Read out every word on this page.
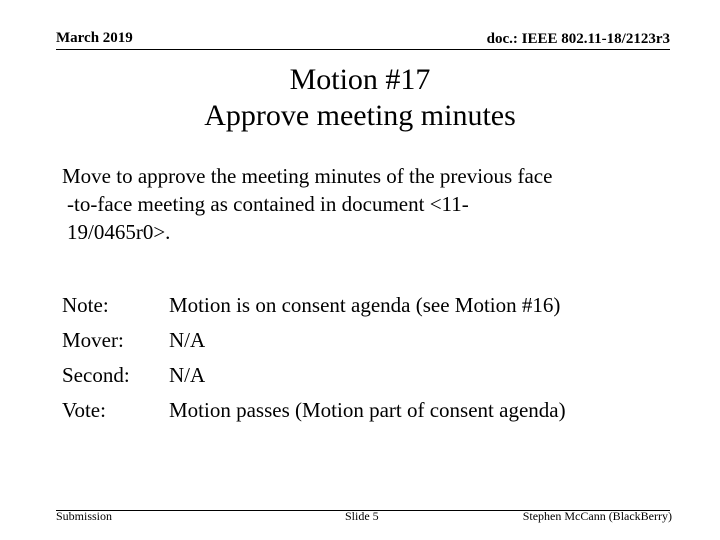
March 2019	doc.: IEEE 802.11-18/2123r3
Motion #17
Approve meeting minutes
Move to approve the meeting minutes of the previous face
-to-face meeting as contained in document <11-
19/0465r0>.
Note:	Motion is on consent agenda (see Motion #16)
Mover:	N/A
Second:	N/A
Vote:	Motion passes (Motion part of consent agenda)
Submission	Slide 5	Stephen McCann (BlackBerry)
